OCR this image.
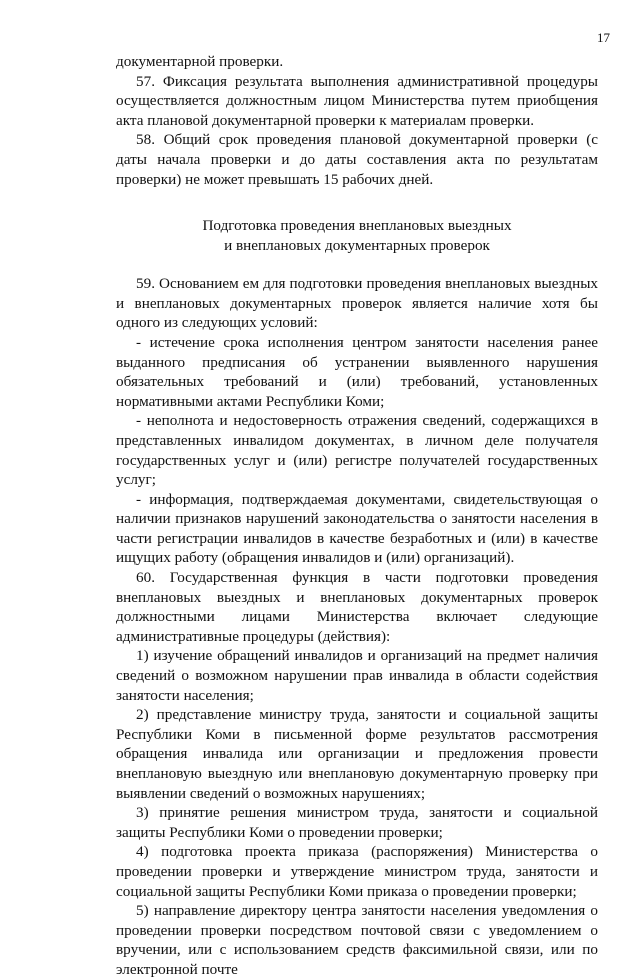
17

документарной проверки.

57. Фиксация результата выполнения административной процедуры осуществляется должностным лицом Министерства путем приобщения акта плановой документарной проверки к материалам проверки.

58. Общий срок проведения плановой документарной проверки (с даты начала проверки и до даты составления акта по результатам проверки) не может превышать 15 рабочих дней.

Подготовка проведения внеплановых выездных
и внеплановых документарных проверок

59. Основанием ем для подготовки проведения внеплановых выездных и внеплановых документарных проверок является наличие хотя бы одного из следующих условий:

- истечение срока исполнения центром занятости населения ранее выданного предписания об устранении выявленного нарушения обязательных требований и (или) требований, установленных нормативными актами Республики Коми;

- неполнота и недостоверность отражения сведений, содержащихся в представленных инвалидом документах, в личном деле получателя государственных услуг и (или) регистре получателей государственных услуг;

- информация, подтверждаемая документами, свидетельствующая о наличии признаков нарушений законодательства о занятости населения в части регистрации инвалидов в качестве безработных и (или) в качестве ищущих работу (обращения инвалидов и (или) организаций).

60. Государственная функция в части подготовки проведения внеплановых выездных и внеплановых документарных проверок должностными лицами Министерства включает следующие административные процедуры (действия):

1) изучение обращений инвалидов и организаций на предмет наличия сведений о возможном нарушении прав инвалида в области содействия занятости населения;

2) представление министру труда, занятости и социальной защиты Республики Коми в письменной форме результатов рассмотрения обращения инвалида или организации и предложения провести внеплановую выездную или внеплановую документарную проверку при выявлении сведений о возможных нарушениях;

3) принятие решения министром труда, занятости и социальной защиты Республики Коми о проведении проверки;

4) подготовка проекта приказа (распоряжения) Министерства о проведении проверки и утверждение министром труда, занятости и социальной защиты Республики Коми приказа о проведении проверки;

5) направление директору центра занятости населения уведомления о проведении проверки посредством почтовой связи с уведомлением о вручении, или с использованием средств факсимильной связи, или по электронной почте
